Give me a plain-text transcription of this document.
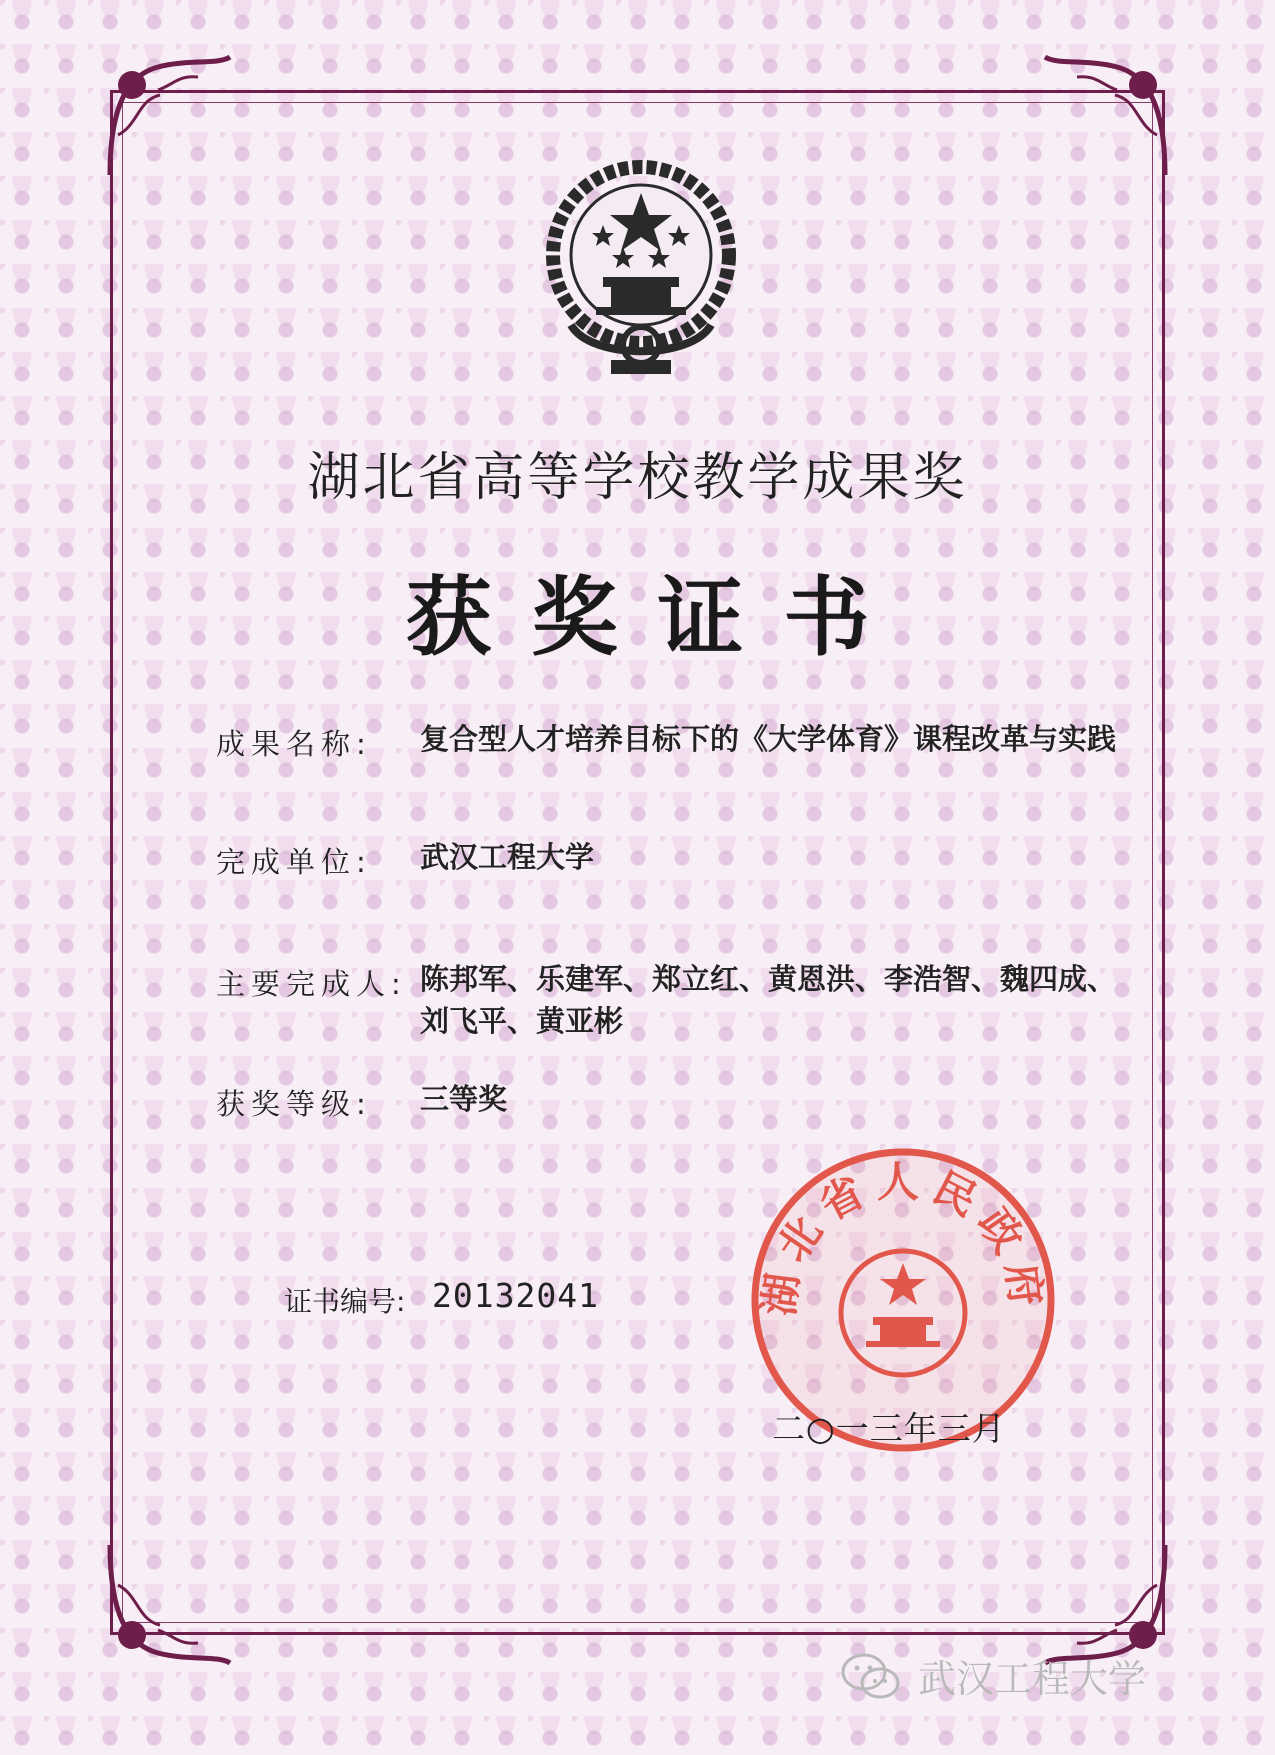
湖北省高等学校教学成果奖
获奖证书
成果名称: 复合型人才培养目标下的《大学体育》课程改革与实践
完成单位: 武汉工程大学
主要完成人: 陈邦军、乐建军、郑立红、黄恩洪、李浩智、魏四成、刘飞平、黄亚彬
获奖等级: 三等奖
证书编号: 20132041	湖北省人民政府
二○一三年三月
武汉工程大学
